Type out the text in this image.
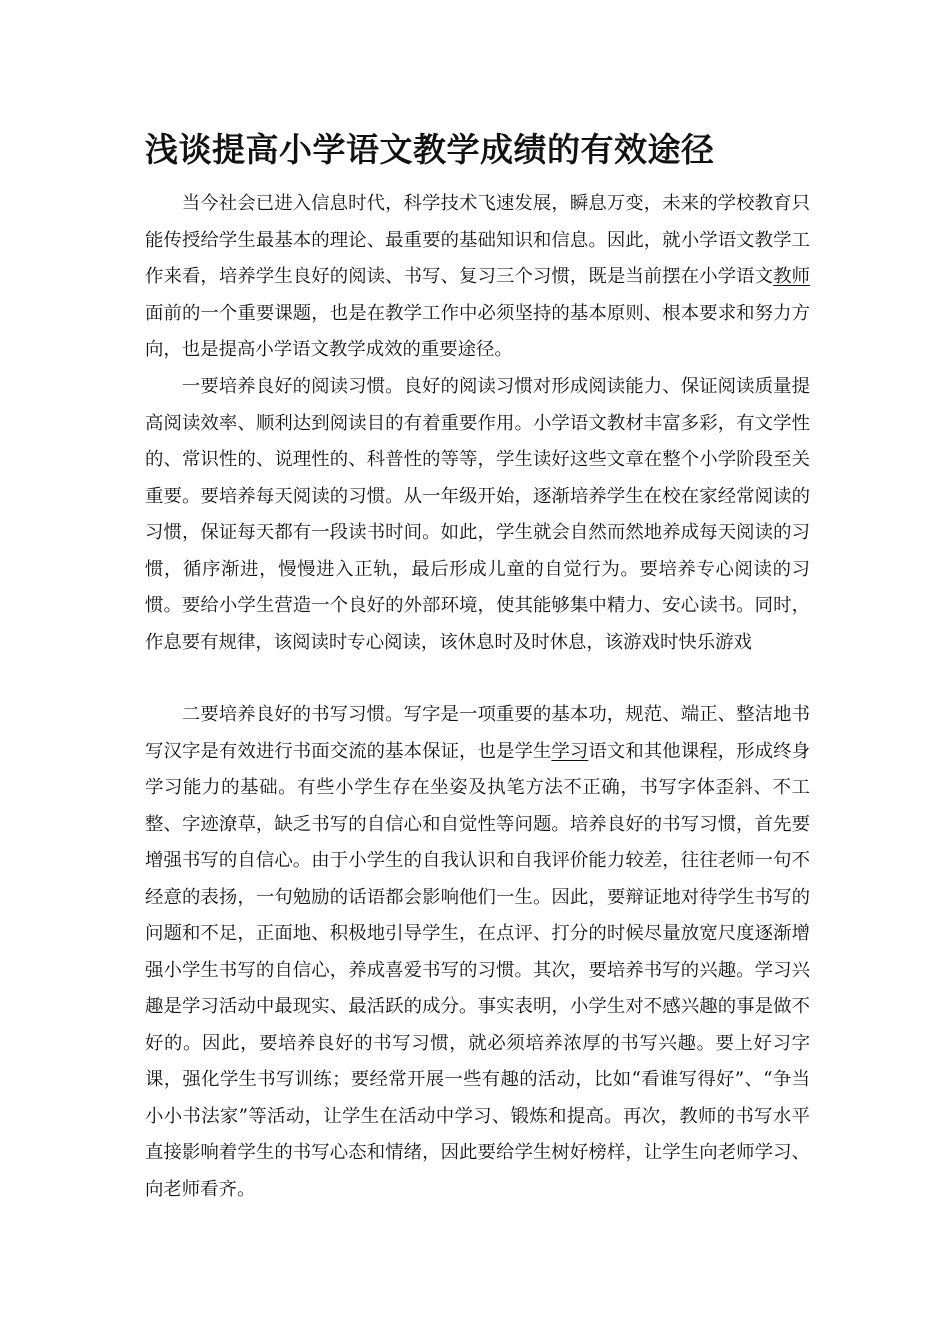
浅谈提高小学语文教学成绩的有效途径

当今社会已进入信息时代，科学技术飞速发展，瞬息万变，未来的学校教育只能传授给学生最基本的理论、最重要的基础知识和信息。因此，就小学语文教学工作来看，培养学生良好的阅读、书写、复习三个习惯，既是当前摆在小学语文教师面前的一个重要课题，也是在教学工作中必须坚持的基本原则、根本要求和努力方向，也是提高小学语文教学成效的重要途径。

一要培养良好的阅读习惯。良好的阅读习惯对形成阅读能力、保证阅读质量提高阅读效率、顺利达到阅读目的有着重要作用。小学语文教材丰富多彩，有文学性的、常识性的、说理性的、科普性的等等，学生读好这些文章在整个小学阶段至关重要。要培养每天阅读的习惯。从一年级开始，逐渐培养学生在校在家经常阅读的习惯，保证每天都有一段读书时间。如此，学生就会自然而然地养成每天阅读的习惯，循序渐进，慢慢进入正轨，最后形成儿童的自觉行为。要培养专心阅读的习惯。要给小学生营造一个良好的外部环境，使其能够集中精力、安心读书。同时，作息要有规律，该阅读时专心阅读，该休息时及时休息，该游戏时快乐游戏

二要培养良好的书写习惯。写字是一项重要的基本功，规范、端正、整洁地书写汉字是有效进行书面交流的基本保证，也是学生学习语文和其他课程，形成终身学习能力的基础。有些小学生存在坐姿及执笔方法不正确，书写字体歪斜、不工整、字迹潦草，缺乏书写的自信心和自觉性等问题。培养良好的书写习惯，首先要增强书写的自信心。由于小学生的自我认识和自我评价能力较差，往往老师一句不经意的表扬，一句勉励的话语都会影响他们一生。因此，要辩证地对待学生书写的问题和不足，正面地、积极地引导学生，在点评、打分的时候尽量放宽尺度逐渐增强小学生书写的自信心，养成喜爱书写的习惯。其次，要培养书写的兴趣。学习兴趣是学习活动中最现实、最活跃的成分。事实表明，小学生对不感兴趣的事是做不好的。因此，要培养良好的书写习惯，就必须培养浓厚的书写兴趣。要上好习字课，强化学生书写训练；要经常开展一些有趣的活动，比如“看谁写得好”、“争当小小书法家”等活动，让学生在活动中学习、锻炼和提高。再次，教师的书写水平直接影响着学生的书写心态和情绪，因此要给学生树好榜样，让学生向老师学习、向老师看齐。
